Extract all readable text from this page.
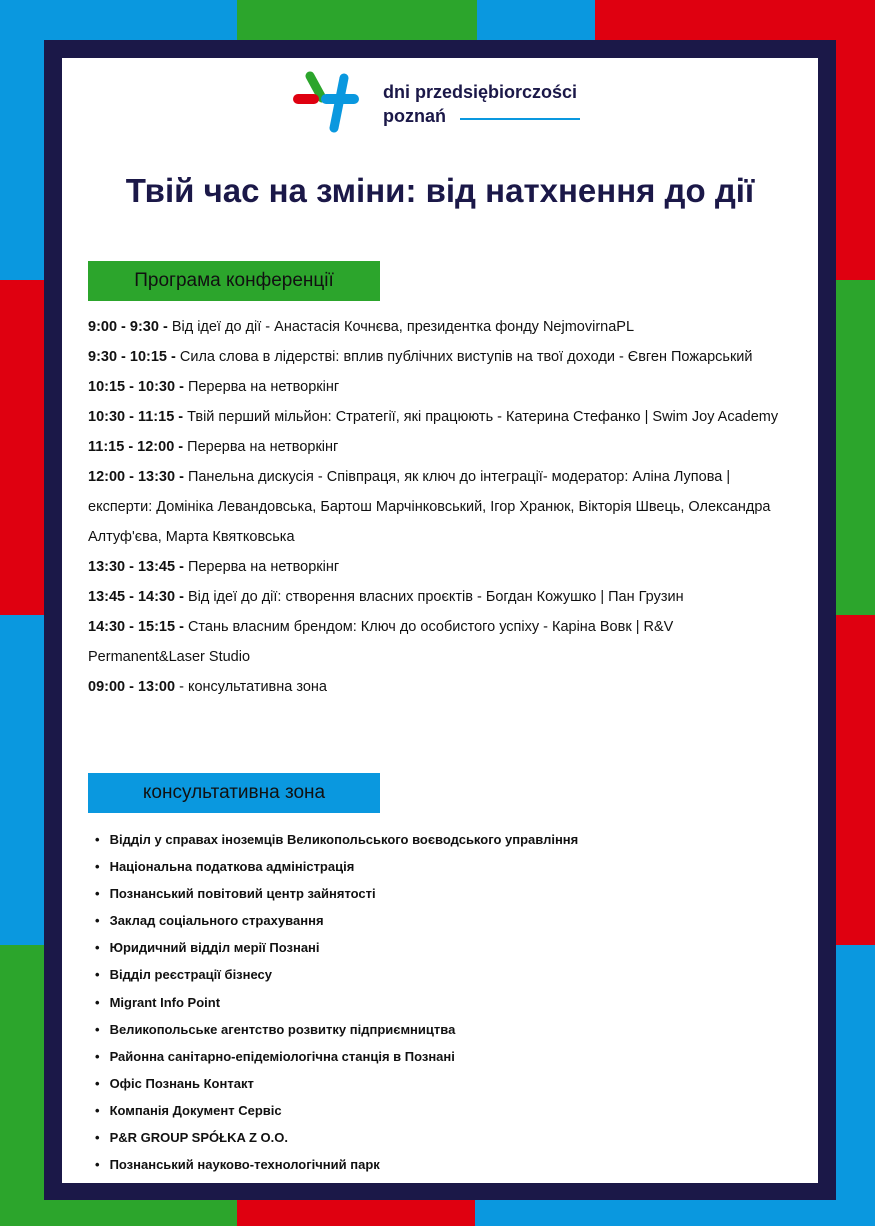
dni przedsiębiorczości
poznań
Твій час на зміни: від натхнення до дії
Програма конференції
9:00 - 9:30 - Від ідеї до дії - Анастасія Кочнєва, президентка фонду NejmovirnaPL
9:30 - 10:15 - Сила слова в лідерстві: вплив публічних виступів на твої доходи - Євген Пожарський
10:15 - 10:30 - Перерва на нетворкінг
10:30 - 11:15 - Твій перший мільйон: Стратегії, які працюють - Катерина Стефанко | Swim Joy Academy
11:15 - 12:00 - Перерва на нетворкінг
12:00 - 13:30 - Панельна дискусія - Співпраця, як ключ до інтеграції- модератор: Аліна Лупова | експерти: Домініка Левандовська, Бартош Марчінковський, Ігор Хранюк, Вікторія Швець, Олександра Алтуф'єва, Марта Квятковська
13:30 - 13:45 - Перерва на нетворкінг
13:45 - 14:30 - Від ідеї до дії: створення власних проєктів - Богдан Кожушко | Пан Грузин
14:30 - 15:15 - Стань власним брендом: Ключ до особистого успіху - Каріна Вовк | R&V Permanent&Laser Studio
09:00 - 13:00 - консультативна зона
консультативна зона
• Відділ у справах іноземців Великопольського воєводського управління
• Національна податкова адміністрація
• Познанський повітовий центр зайнятості
• Заклад соціального страхування
• Юридичний відділ мерії Познані
• Відділ реєстрації бізнесу
• Migrant Info Point
• Великопольське агентство розвитку підприємництва
• Районна санітарно-епідеміологічна станція в Познані
• Офіс Познань Контакт
• Компанія Документ Сервіс
• P&R GROUP SPÓŁKA Z O.O.
• Познанський науково-технологічний парк
